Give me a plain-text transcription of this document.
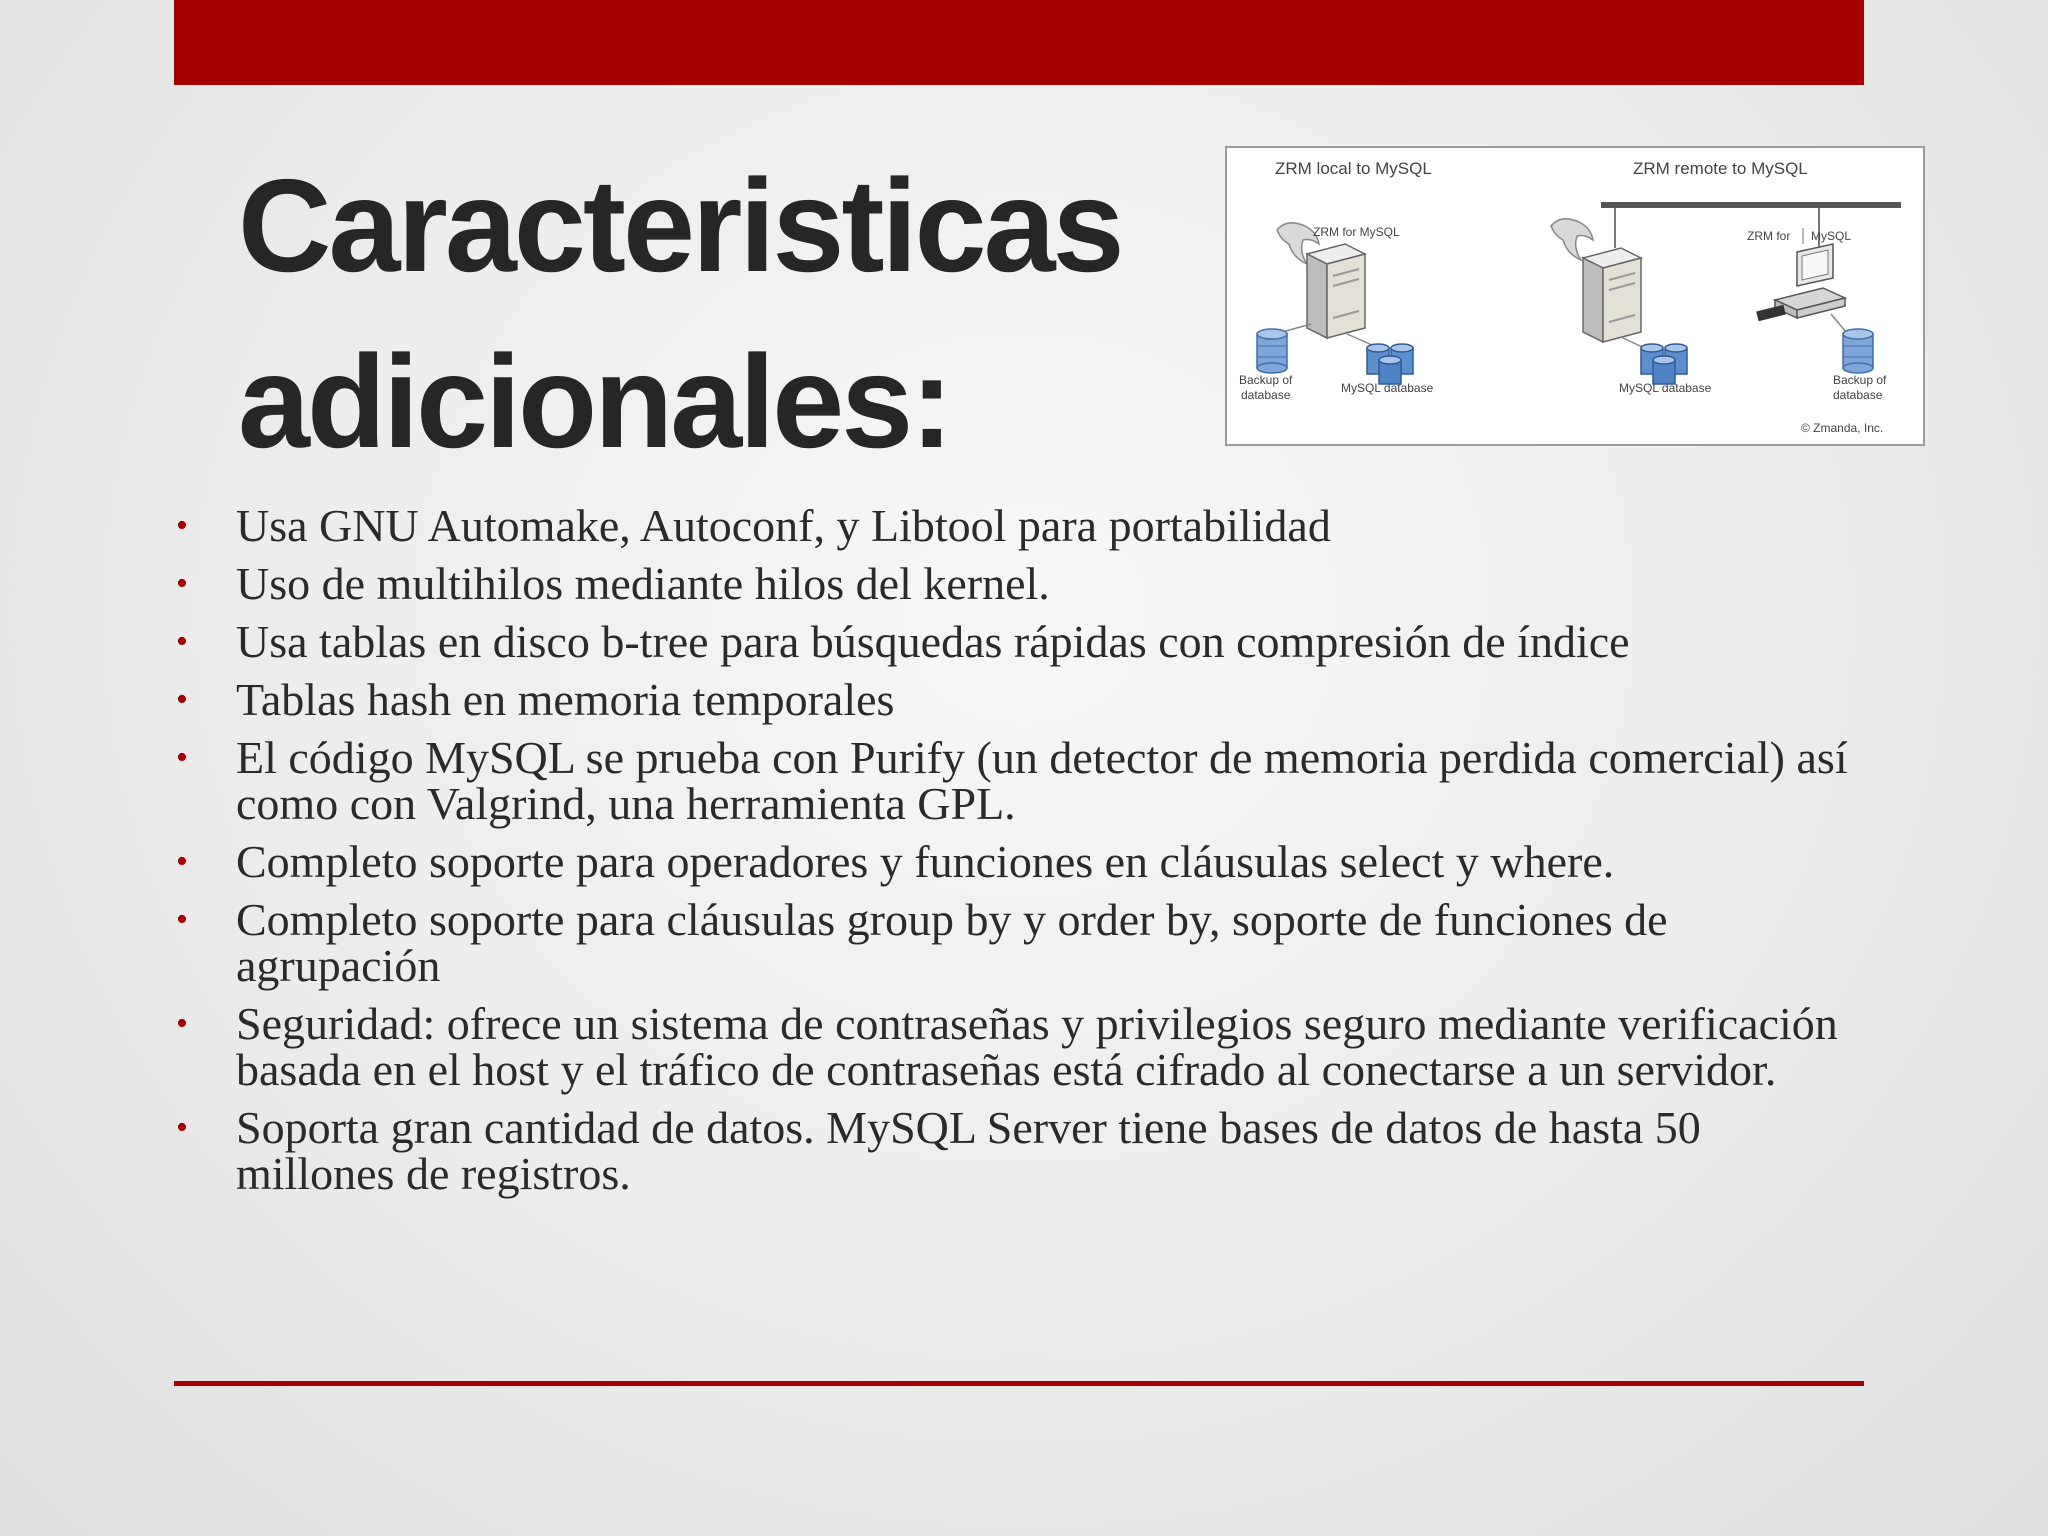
Caracteristicas
adicionales:
ZRM local to MySQL	ZRM remote to MySQL
ZRM for MySQL
Backup of
database	MySQL database	MySQL database
ZRM for MySQL
Backup of
database
© Zmanda, Inc.
• Usa GNU Automake, Autoconf, y Libtool para portabilidad
• Uso de multihilos mediante hilos del kernel.
• Usa tablas en disco b-tree para búsquedas rápidas con compresión de índice
• Tablas hash en memoria temporales
• El código MySQL se prueba con Purify (un detector de memoria perdida comercial) así como con Valgrind, una herramienta GPL.
• Completo soporte para operadores y funciones en cláusulas select y where.
• Completo soporte para cláusulas group by y order by, soporte de funciones de agrupación
• Seguridad: ofrece un sistema de contraseñas y privilegios seguro mediante verificación basada en el host y el tráfico de contraseñas está cifrado al conectarse a un servidor.
• Soporta gran cantidad de datos. MySQL Server tiene bases de datos de hasta 50 millones de registros.
